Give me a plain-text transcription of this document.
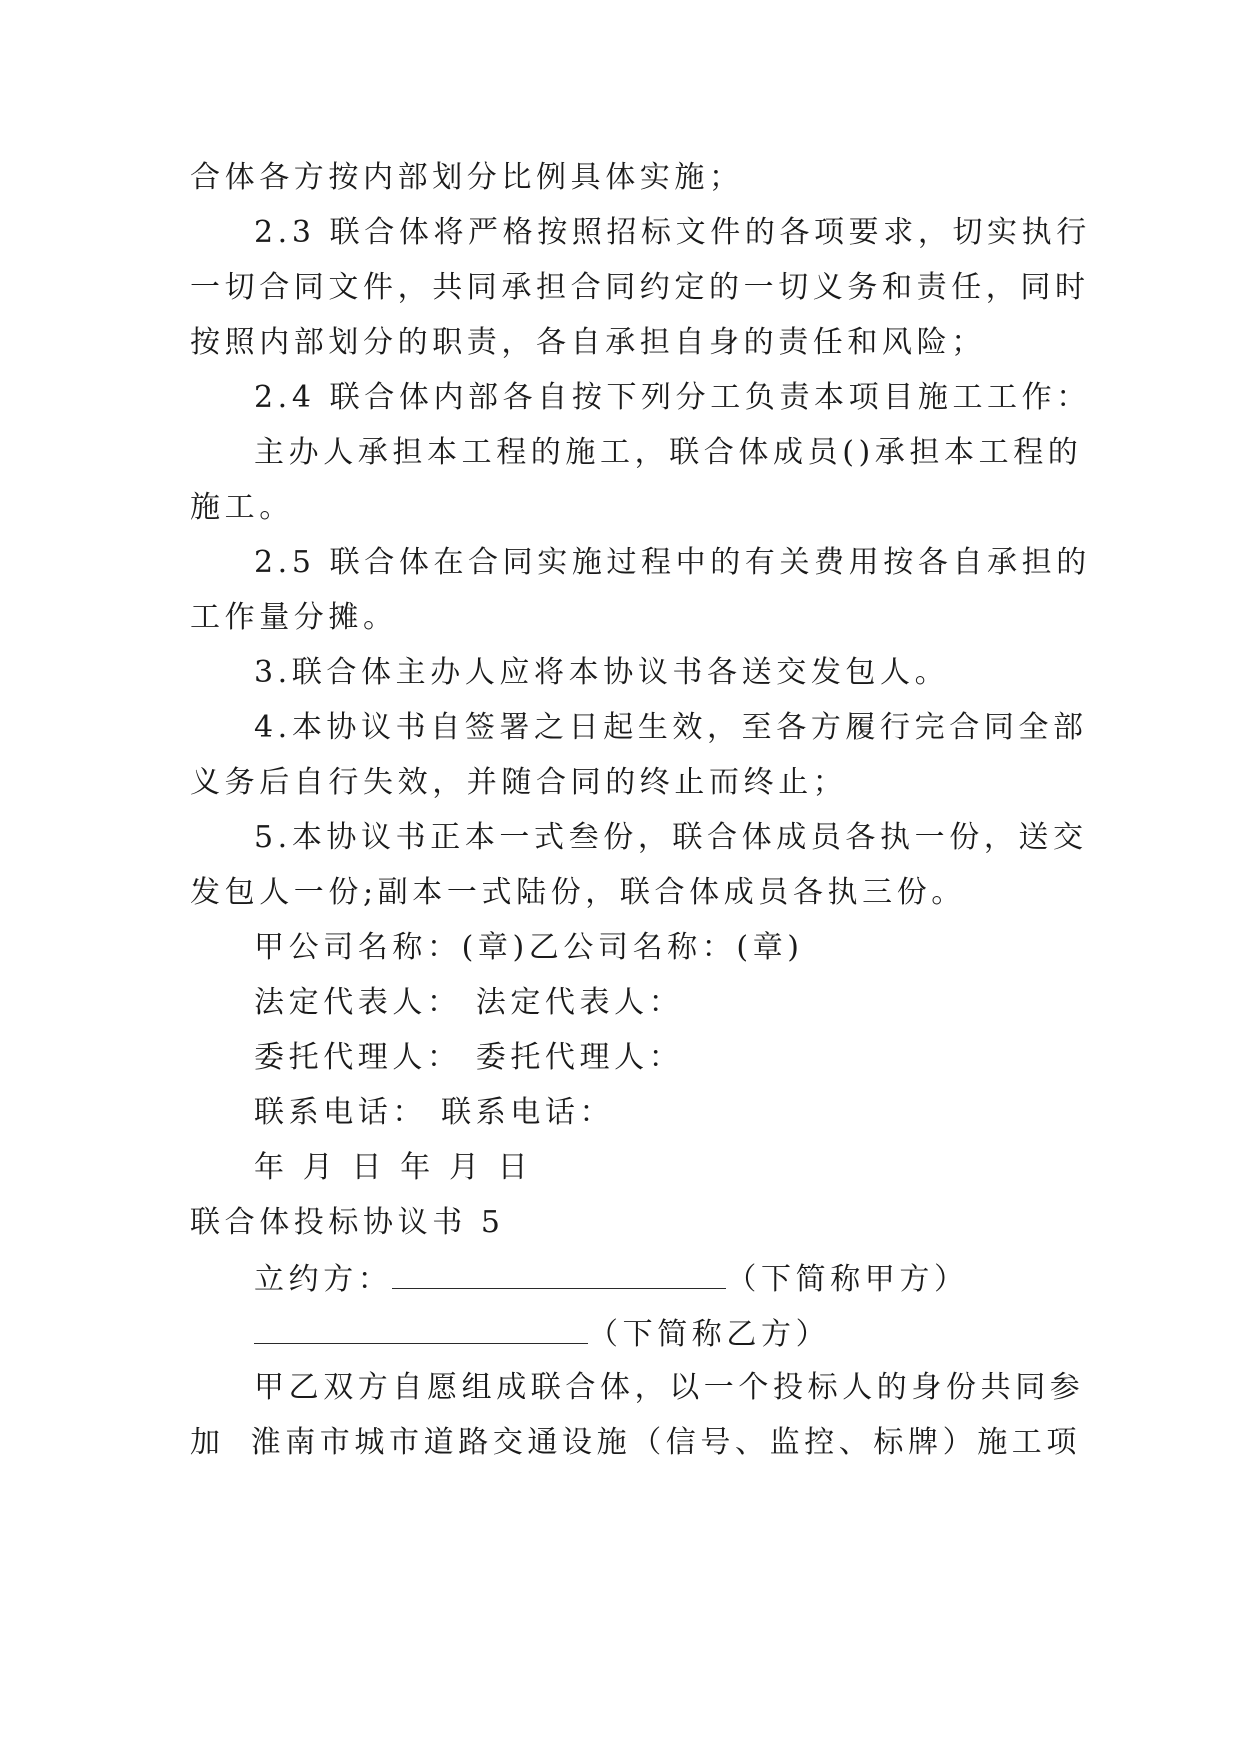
合体各方按内部划分比例具体实施；
2.3 联合体将严格按照招标文件的各项要求，切实执行
一切合同文件，共同承担合同约定的一切义务和责任，同时
按照内部划分的职责，各自承担自身的责任和风险；
2.4 联合体内部各自按下列分工负责本项目施工工作：
主办人承担本工程的施工，联合体成员()承担本工程的
施工。
2.5 联合体在合同实施过程中的有关费用按各自承担的
工作量分摊。
3.联合体主办人应将本协议书各送交发包人。
4.本协议书自签署之日起生效，至各方履行完合同全部
义务后自行失效，并随合同的终止而终止；
5.本协议书正本一式叁份，联合体成员各执一份，送交
发包人一份;副本一式陆份，联合体成员各执三份。
甲公司名称：(章)乙公司名称：(章)
法定代表人： 法定代表人：
委托代理人： 委托代理人：
联系电话： 联系电话：
年 月 日 年 月 日
联合体投标协议书 5
立约方：	（下简称甲方）
（下简称乙方）
甲乙双方自愿组成联合体，以一个投标人的身份共同参
加 淮南市城市道路交通设施（信号、监控、标牌）施工项
